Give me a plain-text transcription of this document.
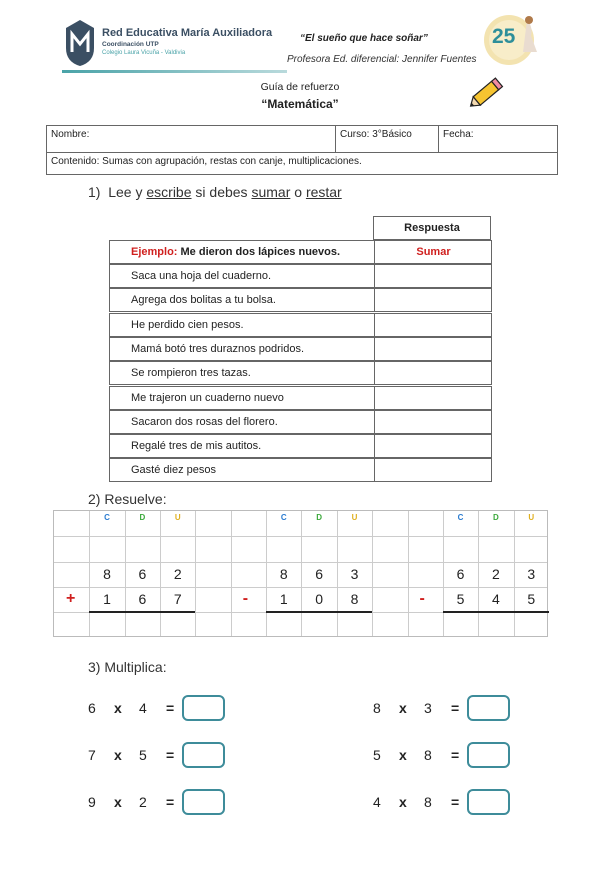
Red Educativa María Auxiliadora
Coordinación UTP
Colegio Laura Vicuña - Valdivia
“El sueño que hace soñar”
Profesora Ed. diferencial: Jennifer Fuentes
25
Guía de refuerzo
“Matemática”
Nombre:	Curso: 3°Básico	Fecha:
Contenido: Sumas con agrupación, restas con canje, multiplicaciones.
1) Lee y escribe si debes sumar o restar
Respuesta
Ejemplo: Me dieron dos lápices nuevos.	Sumar
Saca una hoja del cuaderno.
Agrega dos bolitas a tu bolsa.
He perdido cien pesos.
Mamá botó tres duraznos podridos.
Se rompieron tres tazas.
Me trajeron un cuaderno nuevo
Sacaron dos rosas del florero.
Regalé tres de mis autitos.
Gasté diez pesos
2) Resuelve:
C	D	U
8	6	2
1	6	7
+
C	D	U
8	6	3
1	0	8
-
C	D	U
6	2	3
5	4	5
-
3) Multiplica:
6 x 4 =
7 x 5 =
9 x 2 =
8 x 3 =
5 x 8 =
4 x 8 =
